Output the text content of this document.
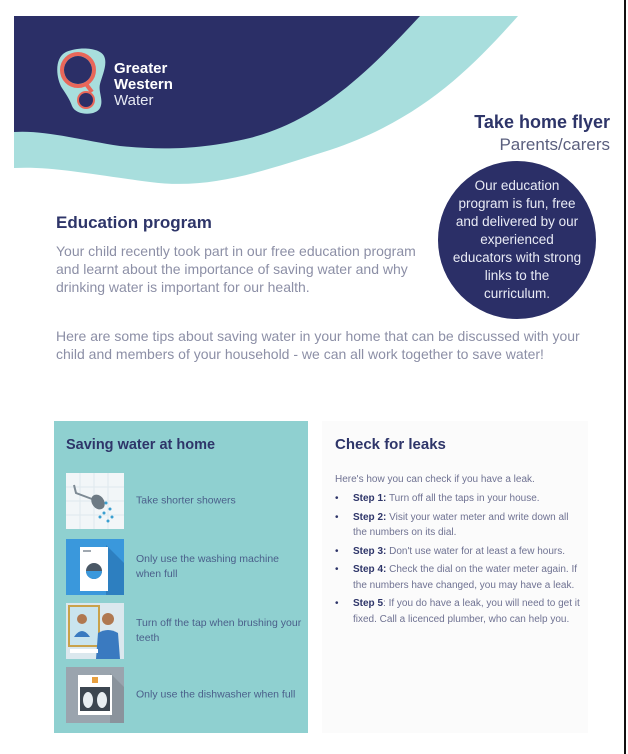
Greater
Western
Water
Take home flyer
Parents/carers

Our education program is fun, free and delivered by our experienced educators with strong links to the curriculum.

Education program

Your child recently took part in our free education program and learnt about the importance of saving water and why drinking water is important for our health.

Here are some tips about saving water in your home that can be discussed with your child and members of your household - we can all work together to save water!

Saving water at home
Take shorter showers
Only use the washing machine when full
Turn off the tap when brushing your teeth
Only use the dishwasher when full
Check for leaks

Here's how you can check if you have a leak.

• Step 1: Turn off all the taps in your house.
• Step 2: Visit your water meter and write down all the numbers on its dial.
• Step 3: Don't use water for at least a few hours.
• Step 4: Check the dial on the water meter again. If the numbers have changed, you may have a leak.
• Step 5: If you do have a leak, you will need to get it fixed. Call a licenced plumber, who can help you.
